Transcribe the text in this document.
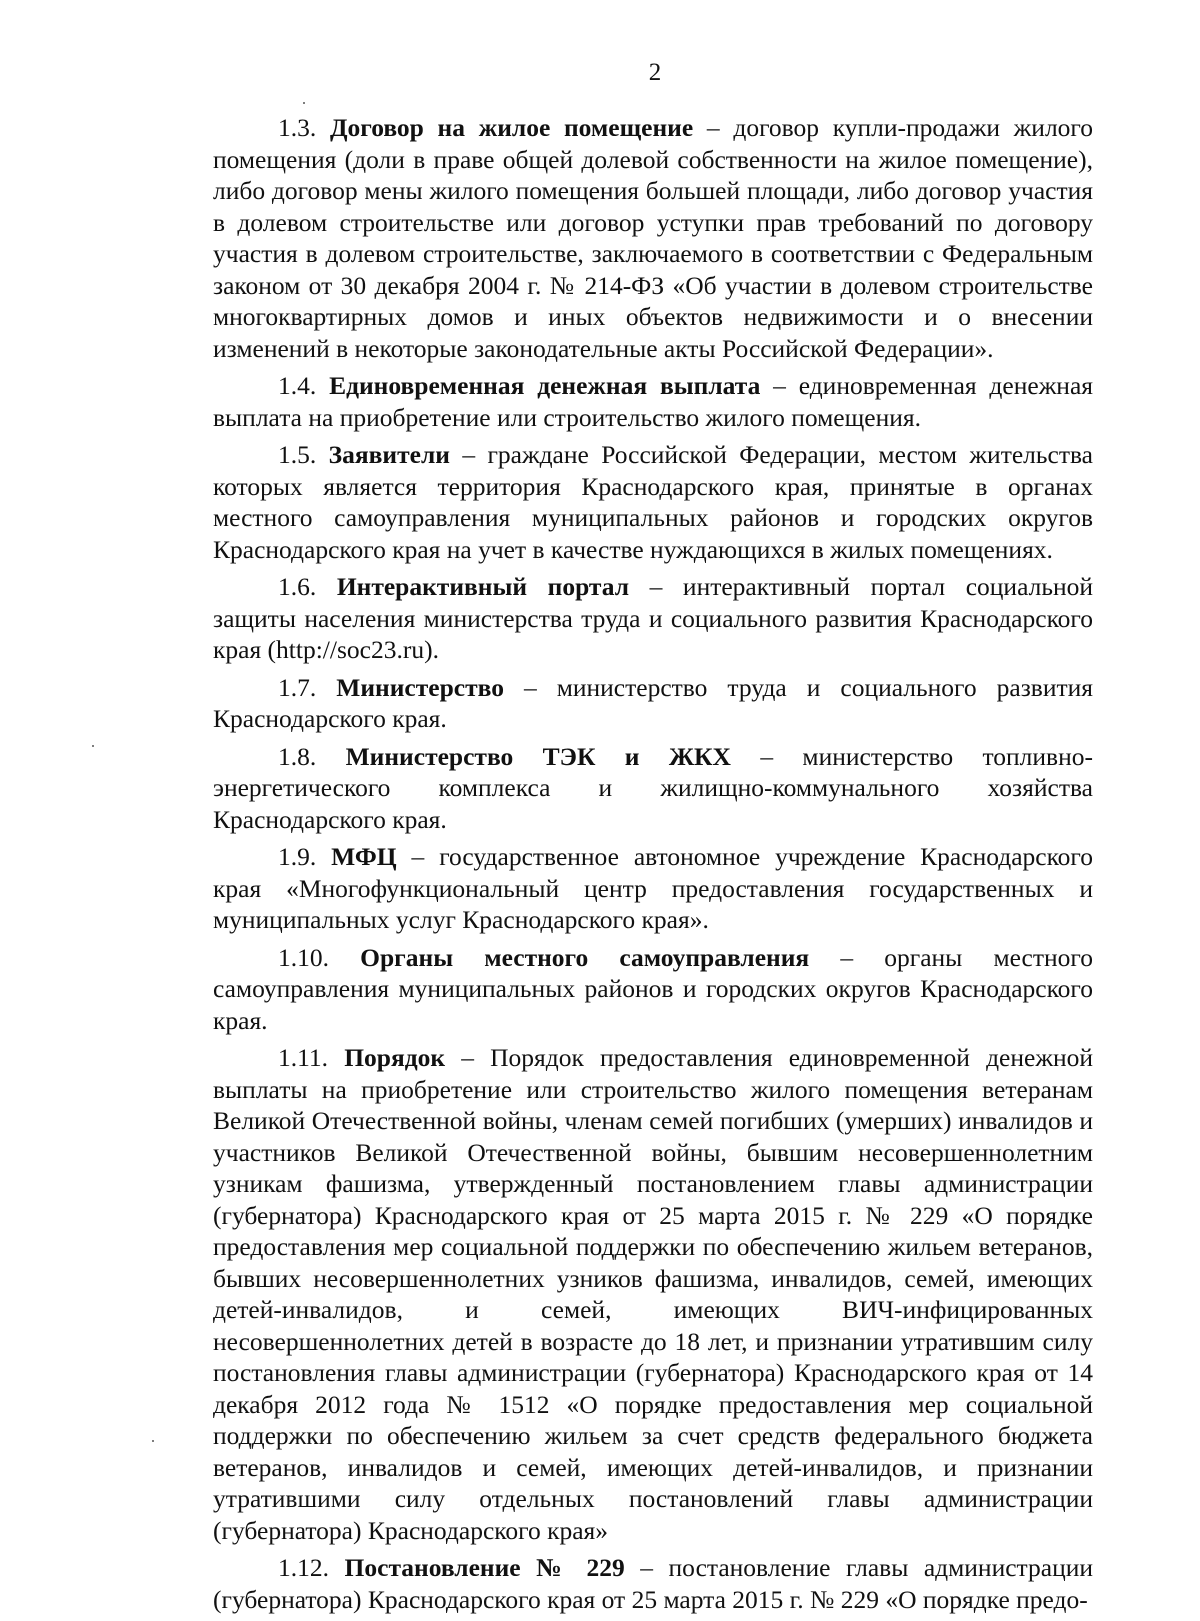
2

1.3. Договор на жилое помещение – договор купли-продажи жилого помещения (доли в праве общей долевой собственности на жилое помещение), либо договор мены жилого помещения большей площади, либо договор участия в долевом строительстве или договор уступки прав требований по договору участия в долевом строительстве, заключаемого в соответствии с Федеральным законом от 30 декабря 2004 г. № 214-ФЗ «Об участии в долевом строительстве многоквартирных домов и иных объектов недвижимости и о внесении изменений в некоторые законодательные акты Российской Федерации».

1.4. Единовременная денежная выплата – единовременная денежная выплата на приобретение или строительство жилого помещения.

1.5. Заявители – граждане Российской Федерации, местом жительства которых является территория Краснодарского края, принятые в органах местного самоуправления муниципальных районов и городских округов Краснодарского края на учет в качестве нуждающихся в жилых помещениях.

1.6. Интерактивный портал – интерактивный портал социальной защиты населения министерства труда и социального развития Краснодарского края (http://soc23.ru).

1.7. Министерство – министерство труда и социального развития Краснодарского края.

1.8. Министерство ТЭК и ЖКХ – министерство топливно-энергетического комплекса и жилищно-коммунального хозяйства Краснодарского края.

1.9. МФЦ – государственное автономное учреждение Краснодарского края «Многофункциональный центр предоставления государственных и муниципальных услуг Краснодарского края».

1.10. Органы местного самоуправления – органы местного самоуправления муниципальных районов и городских округов Краснодарского края.

1.11. Порядок – Порядок предоставления единовременной денежной выплаты на приобретение или строительство жилого помещения ветеранам Великой Отечественной войны, членам семей погибших (умерших) инвалидов и участников Великой Отечественной войны, бывшим несовершеннолетним узникам фашизма, утвержденный постановлением главы администрации (губернатора) Краснодарского края от 25 марта 2015 г. № 229 «О порядке предоставления мер социальной поддержки по обеспечению жильем ветеранов, бывших несовершеннолетних узников фашизма, инвалидов, семей, имеющих детей-инвалидов, и семей, имеющих ВИЧ-инфицированных несовершеннолетних детей в возрасте до 18 лет, и признании утратившим силу постановления главы администрации (губернатора) Краснодарского края от 14 декабря 2012 года № 1512 «О порядке предоставления мер социальной поддержки по обеспечению жильем за счет средств федерального бюджета ветеранов, инвалидов и семей, имеющих детей-инвалидов, и признании утратившими силу отдельных постановлений главы администрации (губернатора) Краснодарского края»

1.12. Постановление № 229 – постановление главы администрации (губернатора) Краснодарского края от 25 марта 2015 г. № 229 «О порядке предо-
